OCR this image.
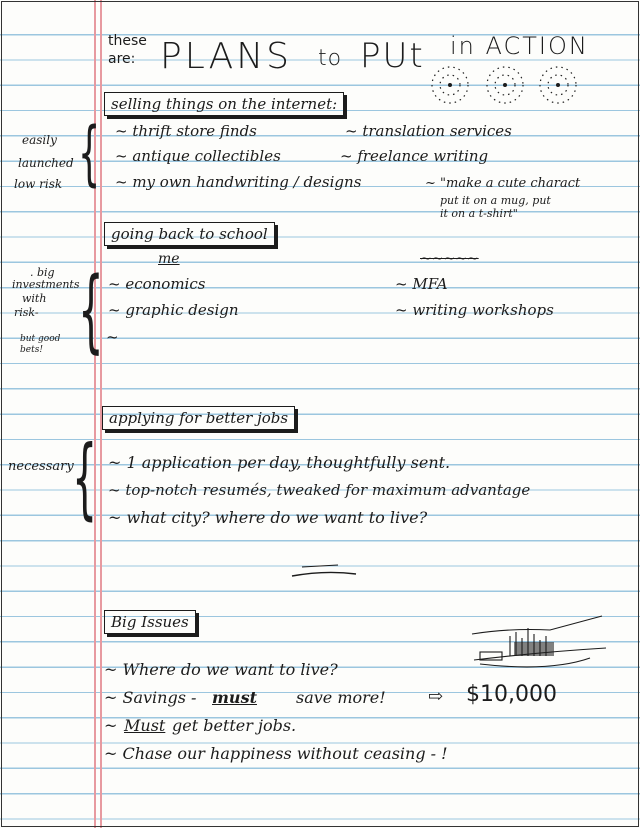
these
are: PLANS to PUt in ACTION
selling things on the internet:
easily
launched
low risk { ~ thrift store finds
~ antique collectibles
~ my own handwriting / designs
~ translation services
~ freelance writing
~ "make a cute charact
put it on a mug, put
it on a t-shirt"
going back to school
. big
investments
with
risk-
but good
bets! {	me	~~~~~
~ economics
~ graphic design
~
~ MFA
~ writing workshops
applying for better jobs
necessary
{ ~ 1 application per day, thoughtfully sent.
~ top-notch resumés, tweaked for maximum advantage
~ what city? where do we want to live?
Big Issues
~ Where do we want to live?
~ Savings - must save more! ⇨ $10,000
~ Must get better jobs.
~ Chase our happiness without ceasing - !
